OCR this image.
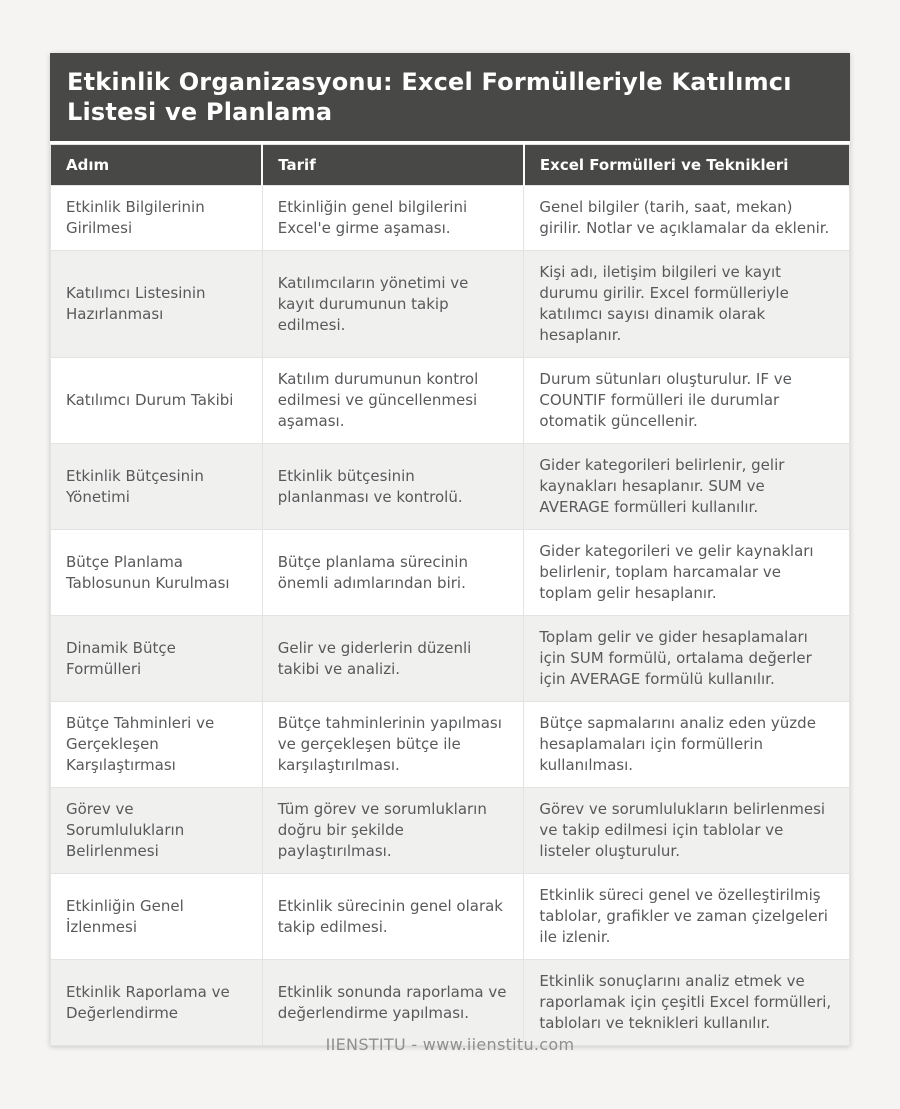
Etkinlik Organizasyonu: Excel Formülleriyle Katılımcı Listesi ve Planlama
Adım	Tarif	Excel Formülleri ve Teknikleri
Etkinlik Bilgilerinin Girilmesi	Etkinliğin genel bilgilerini Excel'e girme aşaması.	Genel bilgiler (tarih, saat, mekan) girilir. Notlar ve açıklamalar da eklenir.
Katılımcı Listesinin Hazırlanması	Katılımcıların yönetimi ve kayıt durumunun takip edilmesi.	Kişi adı, iletişim bilgileri ve kayıt durumu girilir. Excel formülleriyle katılımcı sayısı dinamik olarak hesaplanır.
Katılımcı Durum Takibi	Katılım durumunun kontrol edilmesi ve güncellenmesi aşaması.	Durum sütunları oluşturulur. IF ve COUNTIF formülleri ile durumlar otomatik güncellenir.
Etkinlik Bütçesinin Yönetimi	Etkinlik bütçesinin planlanması ve kontrolü.	Gider kategorileri belirlenir, gelir kaynakları hesaplanır. SUM ve AVERAGE formülleri kullanılır.
Bütçe Planlama Tablosunun Kurulması	Bütçe planlama sürecinin önemli adımlarından biri.	Gider kategorileri ve gelir kaynakları belirlenir, toplam harcamalar ve toplam gelir hesaplanır.
Dinamik Bütçe Formülleri	Gelir ve giderlerin düzenli takibi ve analizi.	Toplam gelir ve gider hesaplamaları için SUM formülü, ortalama değerler için AVERAGE formülü kullanılır.
Bütçe Tahminleri ve Gerçekleşen Karşılaştırması	Bütçe tahminlerinin yapılması ve gerçekleşen bütçe ile karşılaştırılması.	Bütçe sapmalarını analiz eden yüzde hesaplamaları için formüllerin kullanılması.
Görev ve Sorumlulukların Belirlenmesi	Tüm görev ve sorumlukların doğru bir şekilde paylaştırılması.	Görev ve sorumlulukların belirlenmesi ve takip edilmesi için tablolar ve listeler oluşturulur.
Etkinliğin Genel İzlenmesi	Etkinlik sürecinin genel olarak takip edilmesi.	Etkinlik süreci genel ve özelleştirilmiş tablolar, grafikler ve zaman çizelgeleri ile izlenir.
Etkinlik Raporlama ve Değerlendirme	Etkinlik sonunda raporlama ve değerlendirme yapılması.	Etkinlik sonuçlarını analiz etmek ve raporlamak için çeşitli Excel formülleri, tabloları ve teknikleri kullanılır.
IIENSTITU - www.iienstitu.com
